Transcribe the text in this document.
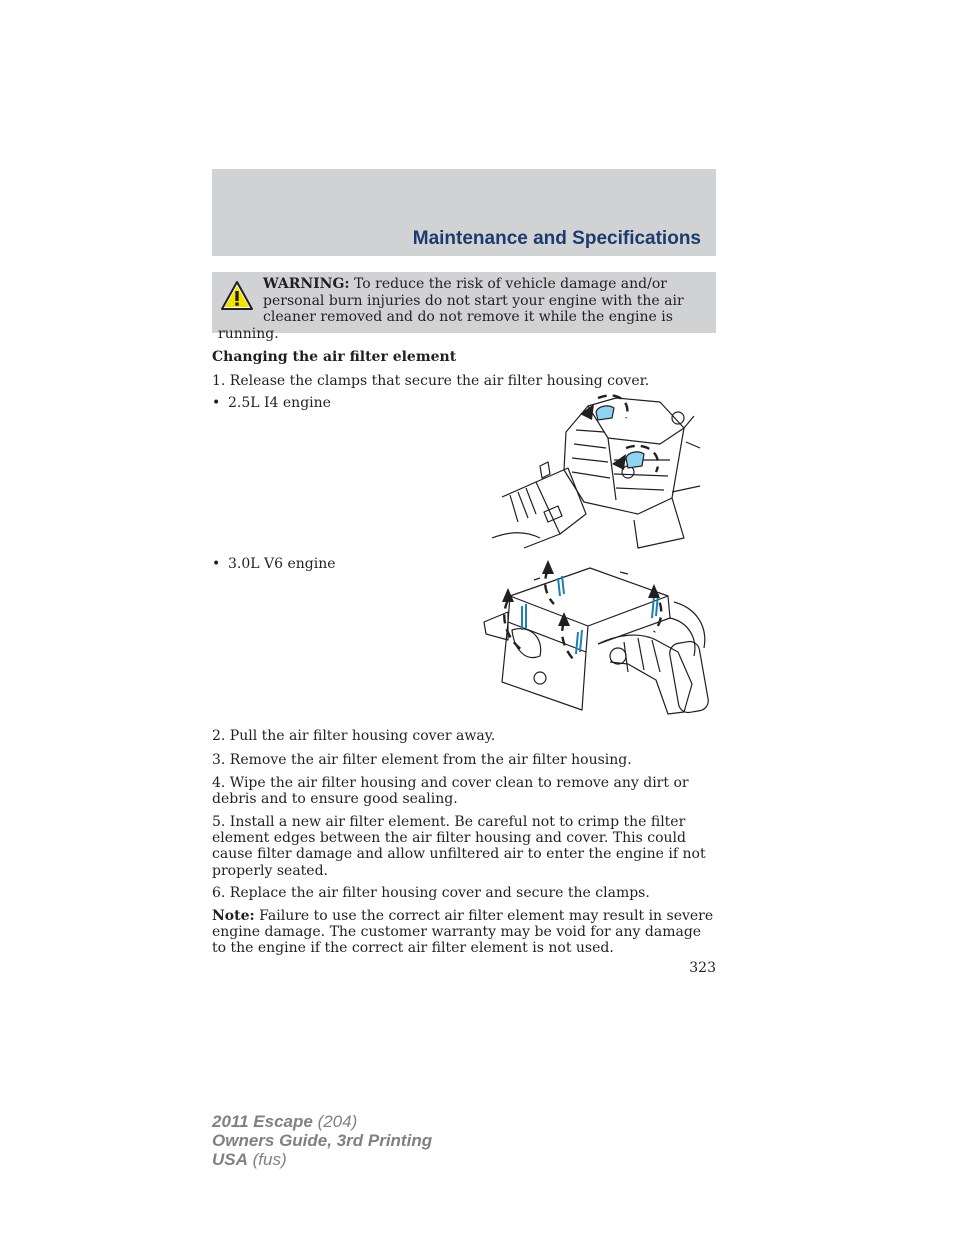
Maintenance and Specifications
WARNING: To reduce the risk of vehicle damage and/or personal burn injuries do not start your engine with the air cleaner removed and do not remove it while the engine is running.

Changing the air filter element

1. Release the clamps that secure the air filter housing cover.

• 2.5L I4 engine
• 3.0L V6 engine

2. Pull the air filter housing cover away.

3. Remove the air filter element from the air filter housing.

4. Wipe the air filter housing and cover clean to remove any dirt or debris and to ensure good sealing.

5. Install a new air filter element. Be careful not to crimp the filter element edges between the air filter housing and cover. This could cause filter damage and allow unfiltered air to enter the engine if not properly seated.

6. Replace the air filter housing cover and secure the clamps.

Note: Failure to use the correct air filter element may result in severe engine damage. The customer warranty may be void for any damage to the engine if the correct air filter element is not used.

323
2011 Escape (204)
Owners Guide, 3rd Printing
USA (fus)
